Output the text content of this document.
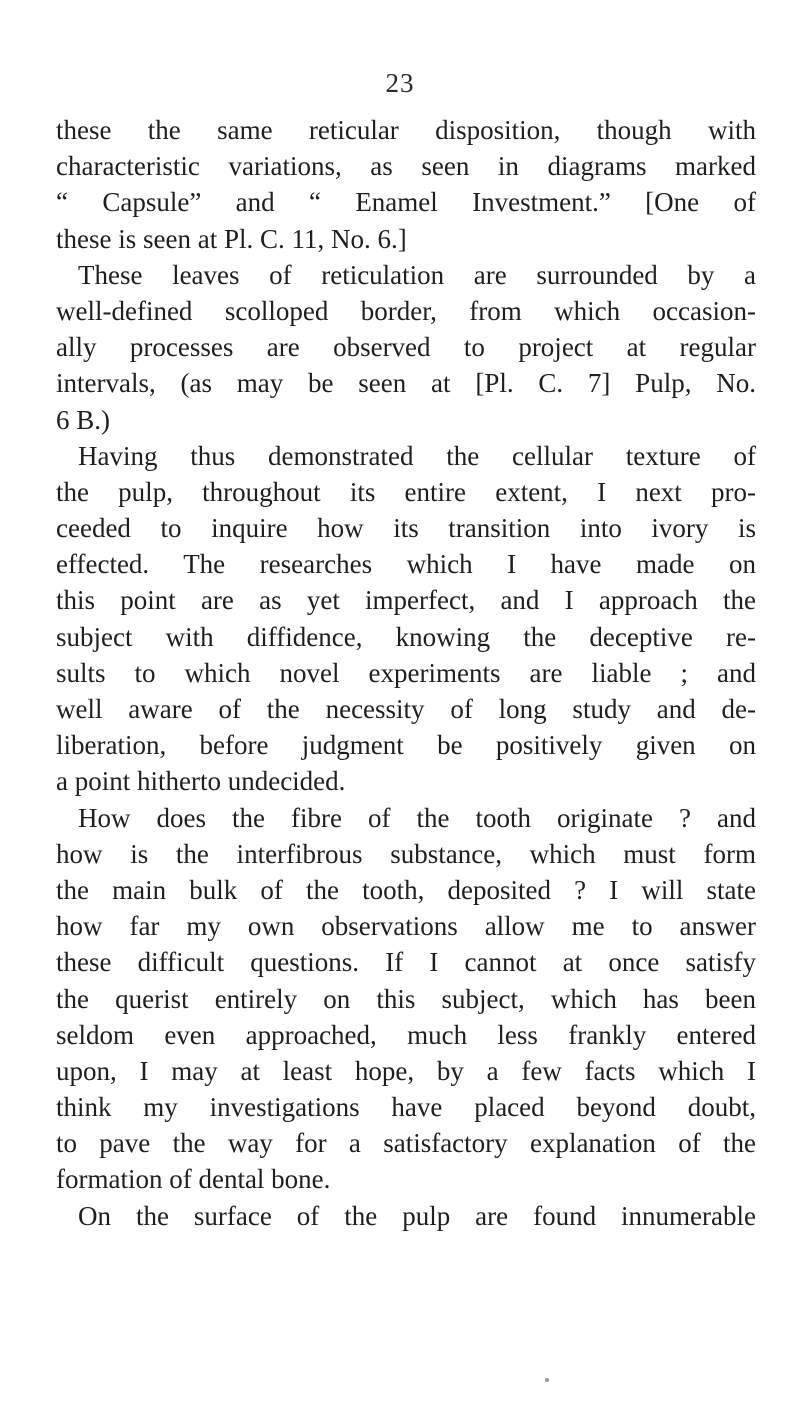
23
these the same reticular disposition, though with
characteristic variations, as seen in diagrams marked
“ Capsule” and “ Enamel Investment.” [One of
these is seen at Pl. C. 11, No. 6.]
These leaves of reticulation are surrounded by a
well-defined scolloped border, from which occasion-
ally processes are observed to project at regular
intervals, (as may be seen at [Pl. C. 7] Pulp, No.
6 B.)
Having thus demonstrated the cellular texture of
the pulp, throughout its entire extent, I next pro-
ceeded to inquire how its transition into ivory is
effected. The researches which I have made on
this point are as yet imperfect, and I approach the
subject with diffidence, knowing the deceptive re-
sults to which novel experiments are liable ; and
well aware of the necessity of long study and de-
liberation, before judgment be positively given on
a point hitherto undecided.
How does the fibre of the tooth originate ? and
how is the interfibrous substance, which must form
the main bulk of the tooth, deposited ? I will state
how far my own observations allow me to answer
these difficult questions. If I cannot at once satisfy
the querist entirely on this subject, which has been
seldom even approached, much less frankly entered
upon, I may at least hope, by a few facts which I
think my investigations have placed beyond doubt,
to pave the way for a satisfactory explanation of the
formation of dental bone.
On the surface of the pulp are found innumerable
